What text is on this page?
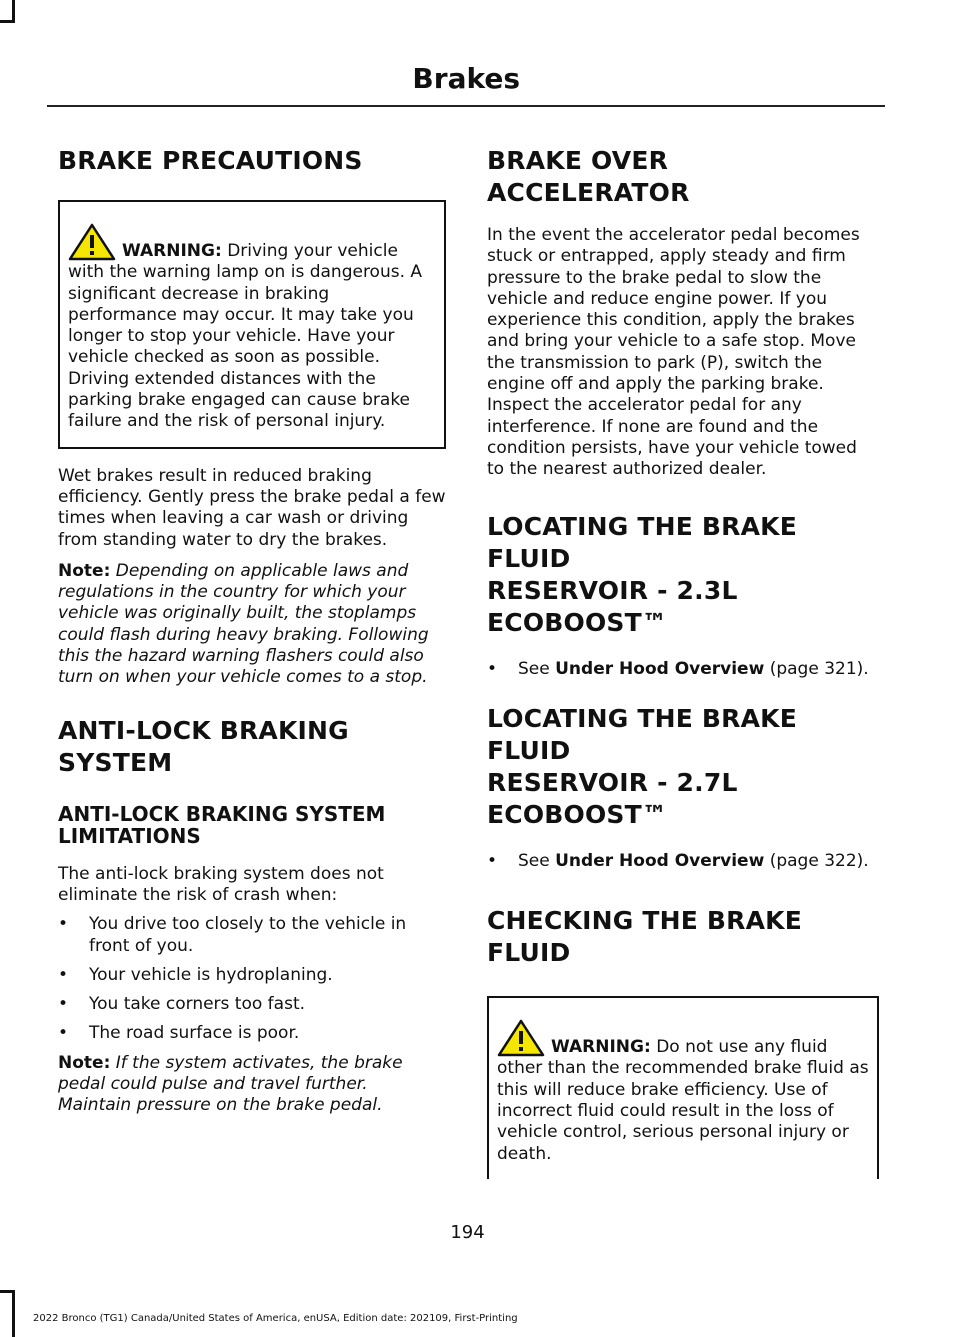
Brakes
BRAKE PRECAUTIONS
WARNING: Driving your vehicle with the warning lamp on is dangerous. A significant decrease in braking performance may occur. It may take you longer to stop your vehicle. Have your vehicle checked as soon as possible. Driving extended distances with the parking brake engaged can cause brake failure and the risk of personal injury.

Wet brakes result in reduced braking efficiency. Gently press the brake pedal a few times when leaving a car wash or driving from standing water to dry the brakes.

Note: Depending on applicable laws and regulations in the country for which your vehicle was originally built, the stoplamps could flash during heavy braking. Following this the hazard warning flashers could also turn on when your vehicle comes to a stop.

ANTI-LOCK BRAKING SYSTEM
ANTI-LOCK BRAKING SYSTEM LIMITATIONS

The anti-lock braking system does not eliminate the risk of crash when:

• You drive too closely to the vehicle in front of you.
• Your vehicle is hydroplaning.
• You take corners too fast.
• The road surface is poor.

Note: If the system activates, the brake pedal could pulse and travel further. Maintain pressure on the brake pedal.

BRAKE OVER ACCELERATOR

In the event the accelerator pedal becomes stuck or entrapped, apply steady and firm pressure to the brake pedal to slow the vehicle and reduce engine power. If you experience this condition, apply the brakes and bring your vehicle to a safe stop. Move the transmission to park (P), switch the engine off and apply the parking brake. Inspect the accelerator pedal for any interference. If none are found and the condition persists, have your vehicle towed to the nearest authorized dealer.

LOCATING THE BRAKE FLUID
RESERVOIR - 2.3L
ECOBOOST™
• See Under Hood Overview (page 321).
LOCATING THE BRAKE FLUID
RESERVOIR - 2.7L
ECOBOOST™
• See Under Hood Overview (page 322).
CHECKING THE BRAKE FLUID
WARNING: Do not use any fluid other than the recommended brake fluid as this will reduce brake efficiency. Use of incorrect fluid could result in the loss of vehicle control, serious personal injury or death.
194
2022 Bronco (TG1) Canada/United States of America, enUSA, Edition date: 202109, First-Printing
